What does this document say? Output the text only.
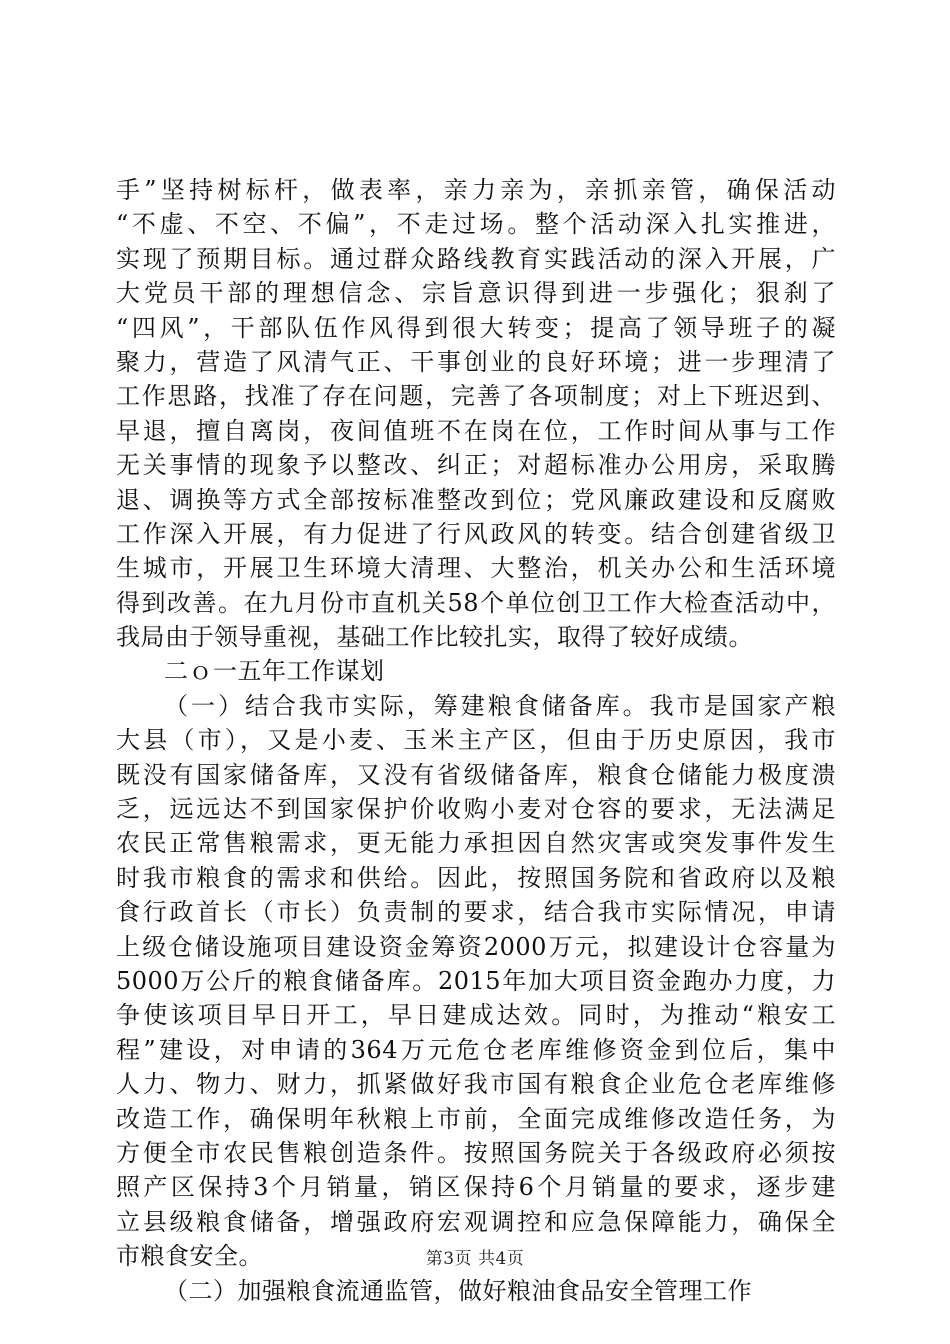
手”坚持树标杆，做表率，亲力亲为，亲抓亲管，确保活动
“不虚、不空、不偏”，不走过场。整个活动深入扎实推进，
实现了预期目标。通过群众路线教育实践活动的深入开展，广
大党员干部的理想信念、宗旨意识得到进一步强化；狠刹了
“四风”，干部队伍作风得到很大转变；提高了领导班子的凝
聚力，营造了风清气正、干事创业的良好环境；进一步理清了
工作思路，找准了存在问题，完善了各项制度；对上下班迟到、
早退，擅自离岗，夜间值班不在岗在位，工作时间从事与工作
无关事情的现象予以整改、纠正；对超标准办公用房，采取腾
退、调换等方式全部按标准整改到位；党风廉政建设和反腐败
工作深入开展，有力促进了行风政风的转变。结合创建省级卫
生城市，开展卫生环境大清理、大整治，机关办公和生活环境
得到改善。在九月份市直机关58个单位创卫工作大检查活动中，
我局由于领导重视，基础工作比较扎实，取得了较好成绩。
二ｏ一五年工作谋划
（一）结合我市实际，筹建粮食储备库。我市是国家产粮
大县（市），又是小麦、玉米主产区，但由于历史原因，我市
既没有国家储备库，又没有省级储备库，粮食仓储能力极度溃
乏，远远达不到国家保护价收购小麦对仓容的要求，无法满足
农民正常售粮需求，更无能力承担因自然灾害或突发事件发生
时我市粮食的需求和供给。因此，按照国务院和省政府以及粮
食行政首长（市长）负责制的要求，结合我市实际情况，申请
上级仓储设施项目建设资金筹资2000万元，拟建设计仓容量为
5000万公斤的粮食储备库。2015年加大项目资金跑办力度，力
争使该项目早日开工，早日建成达效。同时，为推动“粮安工
程”建设，对申请的364万元危仓老库维修资金到位后，集中
人力、物力、财力，抓紧做好我市国有粮食企业危仓老库维修
改造工作，确保明年秋粮上市前，全面完成维修改造任务，为
方便全市农民售粮创造条件。按照国务院关于各级政府必须按
照产区保持3个月销量，销区保持6个月销量的要求，逐步建
立县级粮食储备，增强政府宏观调控和应急保障能力，确保全
市粮食安全。
（二）加强粮食流通监管，做好粮油食品安全管理工作
第3页 共4页
